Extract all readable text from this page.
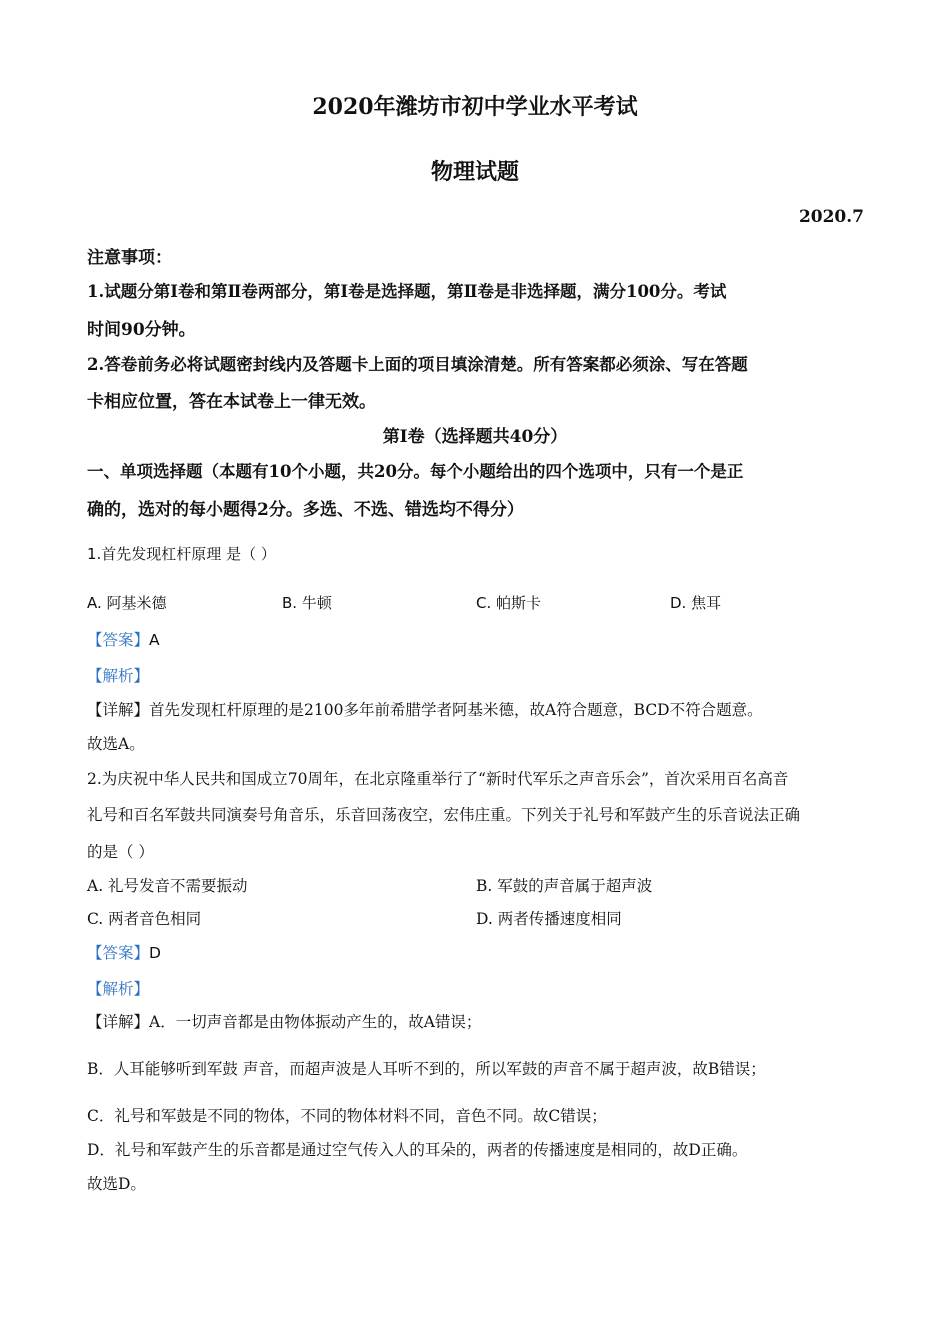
2020年潍坊市初中学业水平考试
物理试题
2020.7
注意事项：
1.试题分第Ⅰ卷和第Ⅱ卷两部分，第Ⅰ卷是选择题，第Ⅱ卷是非选择题，满分100分。考试
时间90分钟。
2.答卷前务必将试题密封线内及答题卡上面的项目填涂清楚。所有答案都必须涂、写在答题
卡相应位置，答在本试卷上一律无效。
第Ⅰ卷（选择题共40分）
一、单项选择题（本题有10个小题，共20分。每个小题给出的四个选项中，只有一个是正
确的，选对的每小题得2分。多选、不选、错选均不得分）
1.首先发现杠杆原理 是（ ）
A. 阿基米德	B. 牛顿	C. 帕斯卡	D. 焦耳
【答案】A
【解析】
【详解】首先发现杠杆原理的是2100多年前希腊学者阿基米德，故A符合题意，BCD不符合题意。
故选A。
2.为庆祝中华人民共和国成立70周年，在北京隆重举行了“新时代军乐之声音乐会”，首次采用百名高音
礼号和百名军鼓共同演奏号角音乐，乐音回荡夜空，宏伟庄重。下列关于礼号和军鼓产生的乐音说法正确
的是（ ）
A. 礼号发音不需要振动	B. 军鼓的声音属于超声波
C. 两者音色相同	D. 两者传播速度相同
【答案】D
【解析】
【详解】A．一切声音都是由物体振动产生的，故A错误；
B．人耳能够听到军鼓 声音，而超声波是人耳听不到的，所以军鼓的声音不属于超声波，故B错误；
C．礼号和军鼓是不同的物体，不同的物体材料不同，音色不同。故C错误；
D．礼号和军鼓产生的乐音都是通过空气传入人的耳朵的，两者的传播速度是相同的，故D正确。
故选D。
